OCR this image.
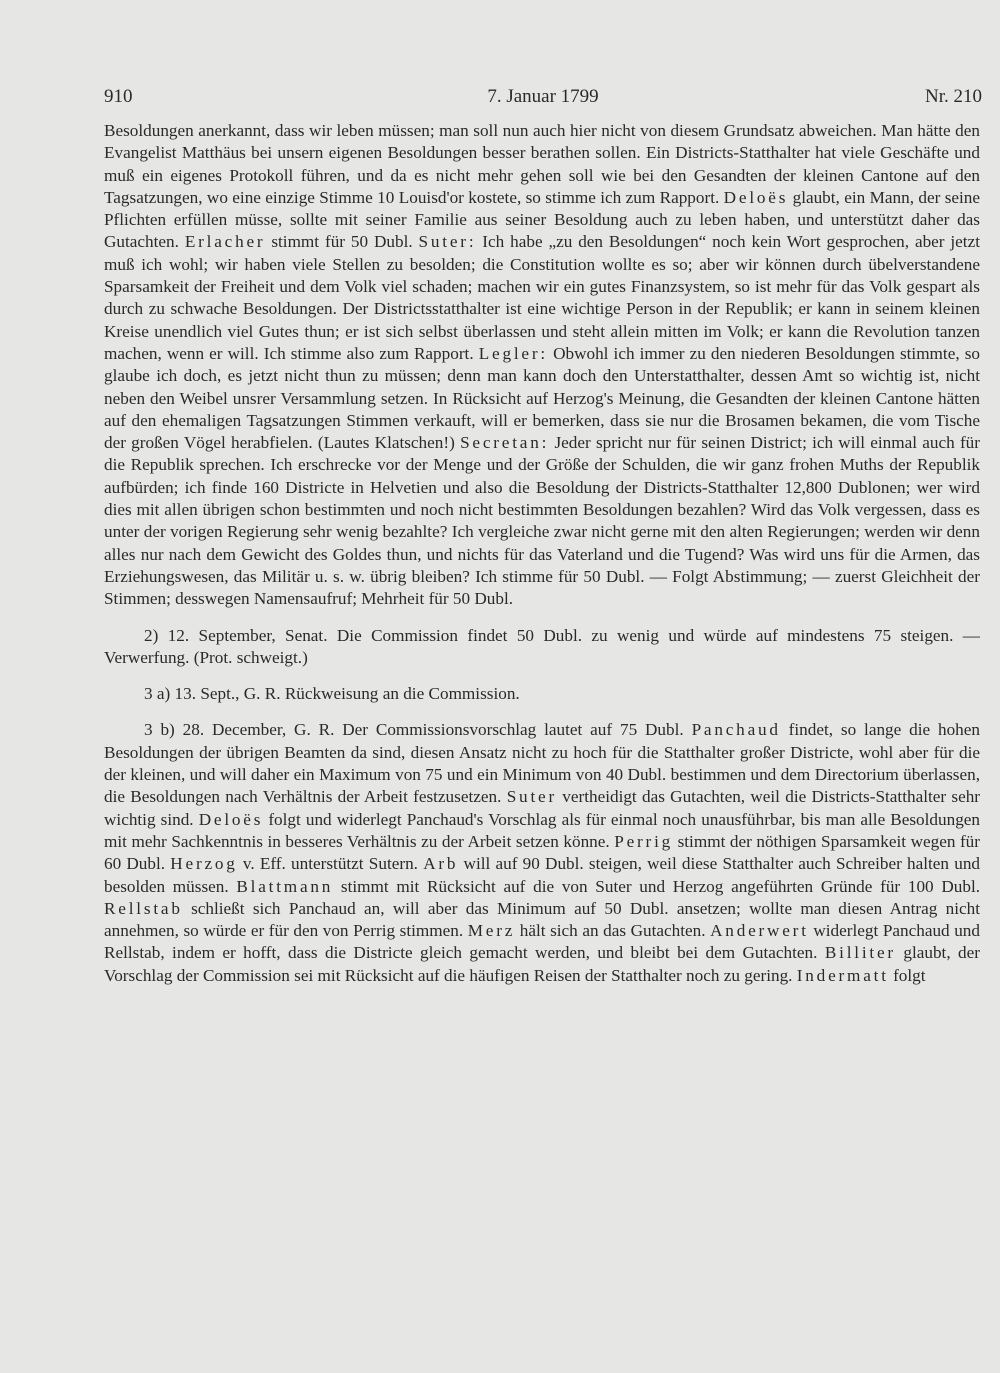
7. Januar 1799
910	Nr. 210

Besoldungen anerkannt, dass wir leben müssen; man soll nun auch hier nicht von diesem Grundsatz abweichen. Man hätte den Evangelist Matthäus bei unsern eigenen Besoldungen besser berathen sollen. Ein Districts-Statthalter hat viele Geschäfte und muß ein eigenes Protokoll führen, und da es nicht mehr gehen soll wie bei den Gesandten der kleinen Cantone auf den Tagsatzungen, wo eine einzige Stimme 10 Louisd'or kostete, so stimme ich zum Rapport. Deloës glaubt, ein Mann, der seine Pflichten erfüllen müsse, sollte mit seiner Familie aus seiner Besoldung auch zu leben haben, und unterstützt daher das Gutachten. Erlacher stimmt für 50 Dubl. Suter: Ich habe „zu den Besoldungen“ noch kein Wort gesprochen, aber jetzt muß ich wohl; wir haben viele Stellen zu besolden; die Constitution wollte es so; aber wir können durch übelverstandene Sparsamkeit der Freiheit und dem Volk viel schaden; machen wir ein gutes Finanzsystem, so ist mehr für das Volk gespart als durch zu schwache Besoldungen. Der Districtsstatthalter ist eine wichtige Person in der Republik; er kann in seinem kleinen Kreise unendlich viel Gutes thun; er ist sich selbst überlassen und steht allein mitten im Volk; er kann die Revolution tanzen machen, wenn er will. Ich stimme also zum Rapport. Legler: Obwohl ich immer zu den niederen Besoldungen stimmte, so glaube ich doch, es jetzt nicht thun zu müssen; denn man kann doch den Unterstatthalter, dessen Amt so wichtig ist, nicht neben den Weibel unsrer Versammlung setzen. In Rücksicht auf Herzog's Meinung, die Gesandten der kleinen Cantone hätten auf den ehemaligen Tagsatzungen Stimmen verkauft, will er bemerken, dass sie nur die Brosamen bekamen, die vom Tische der großen Vögel herabfielen. (Lautes Klatschen!) Secretan: Jeder spricht nur für seinen District; ich will einmal auch für die Republik sprechen. Ich erschrecke vor der Menge und der Größe der Schulden, die wir ganz frohen Muths der Republik aufbürden; ich finde 160 Districte in Helvetien und also die Besoldung der Districts-Statthalter 12,800 Dublonen; wer wird dies mit allen übrigen schon bestimmten und noch nicht bestimmten Besoldungen bezahlen? Wird das Volk vergessen, dass es unter der vorigen Regierung sehr wenig bezahlte? Ich vergleiche zwar nicht gerne mit den alten Regierungen; werden wir denn alles nur nach dem Gewicht des Goldes thun, und nichts für das Vaterland und die Tugend? Was wird uns für die Armen, das Erziehungswesen, das Militär u. s. w. übrig bleiben? Ich stimme für 50 Dubl. — Folgt Abstimmung; — zuerst Gleichheit der Stimmen; desswegen Namensaufruf; Mehrheit für 50 Dubl.

2) 12. September, Senat. Die Commission findet 50 Dubl. zu wenig und würde auf mindestens 75 steigen. — Verwerfung. (Prot. schweigt.)

3 a) 13. Sept., G. R. Rückweisung an die Commission.

3 b) 28. December, G. R. Der Commissionsvorschlag lautet auf 75 Dubl. Panchaud findet, so lange die hohen Besoldungen der übrigen Beamten da sind, diesen Ansatz nicht zu hoch für die Statthalter großer Districte, wohl aber für die der kleinen, und will daher ein Maximum von 75 und ein Minimum von 40 Dubl. bestimmen und dem Directorium überlassen, die Besoldungen nach Verhältnis der Arbeit festzusetzen. Suter vertheidigt das Gutachten, weil die Districts-Statthalter sehr wichtig sind. Deloës folgt und widerlegt Panchaud's Vorschlag als für einmal noch unausführbar, bis man alle Besoldungen mit mehr Sachkenntnis in besseres Verhältnis zu der Arbeit setzen könne. Perrig stimmt der nöthigen Sparsamkeit wegen für 60 Dubl. Herzog v. Eff. unterstützt Sutern. Arb will auf 90 Dubl. steigen, weil diese Statthalter auch Schreiber halten und besolden müssen. Blattmann stimmt mit Rücksicht auf die von Suter und Herzog angeführten Gründe für 100 Dubl. Rellstab schließt sich Panchaud an, will aber das Minimum auf 50 Dubl. ansetzen; wollte man diesen Antrag nicht annehmen, so würde er für den von Perrig stimmen. Merz hält sich an das Gutachten. Anderwert widerlegt Panchaud und Rellstab, indem er hofft, dass die Districte gleich gemacht werden, und bleibt bei dem Gutachten. Billiter glaubt, der Vorschlag der Commission sei mit Rücksicht auf die häufigen Reisen der Statthalter noch zu gering. Indermatt folgt
